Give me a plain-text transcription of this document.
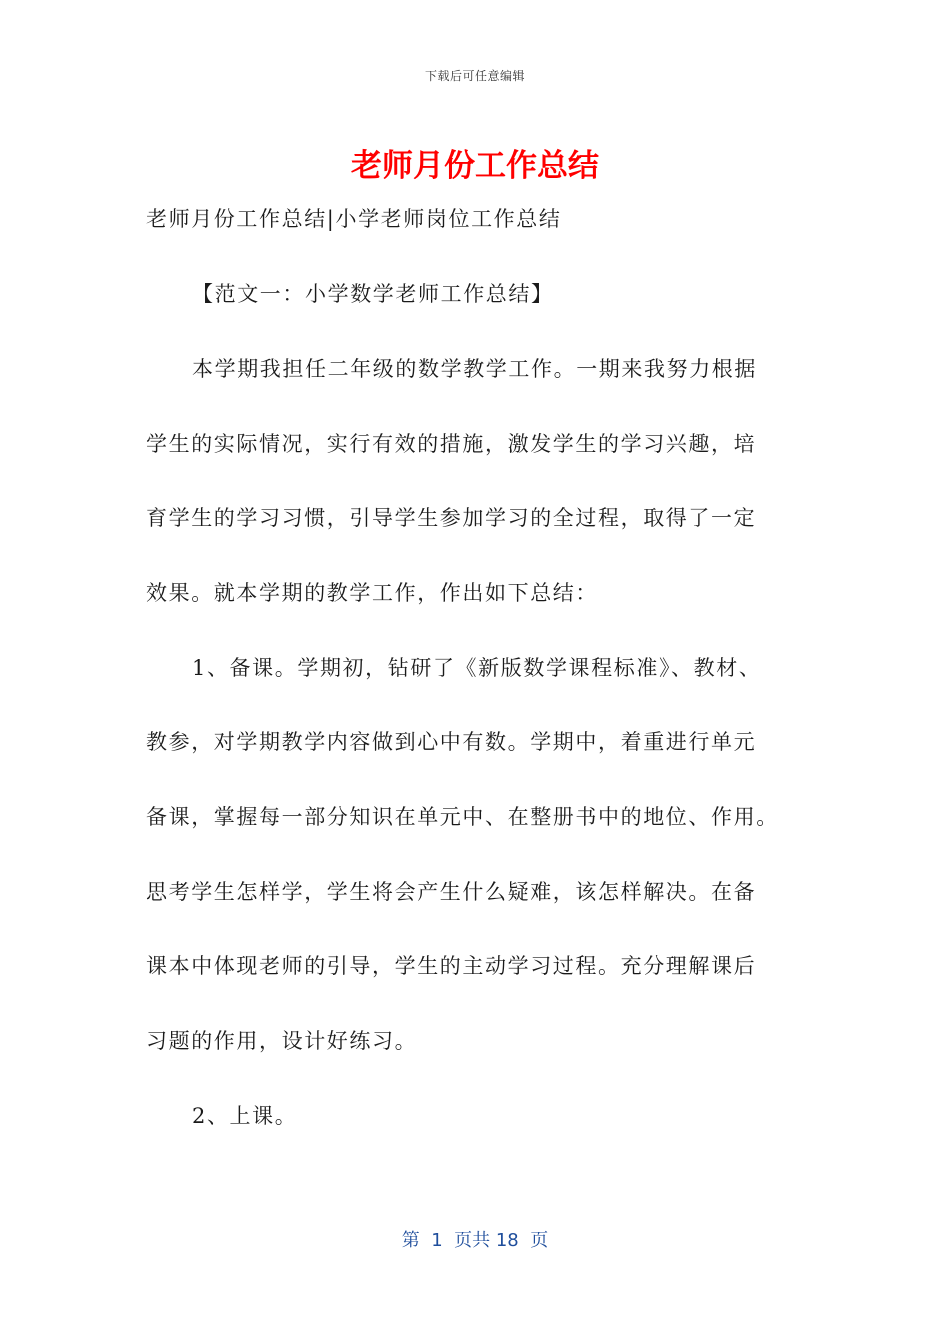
下载后可任意编辑
老师月份工作总结
老师月份工作总结|小学老师岗位工作总结
【范文一：小学数学老师工作总结】
本学期我担任二年级的数学教学工作。一期来我努力根据
学生的实际情况，实行有效的措施，激发学生的学习兴趣，培
育学生的学习习惯，引导学生参加学习的全过程，取得了一定
效果。就本学期的教学工作，作出如下总结：
1、备课。学期初，钻研了《新版数学课程标准》、教材、
教参，对学期教学内容做到心中有数。学期中，着重进行单元
备课，掌握每一部分知识在单元中、在整册书中的地位、作用。
思考学生怎样学，学生将会产生什么疑难，该怎样解决。在备
课本中体现老师的引导，学生的主动学习过程。充分理解课后
习题的作用，设计好练习。
2、上课。
第  1  页共 18  页
